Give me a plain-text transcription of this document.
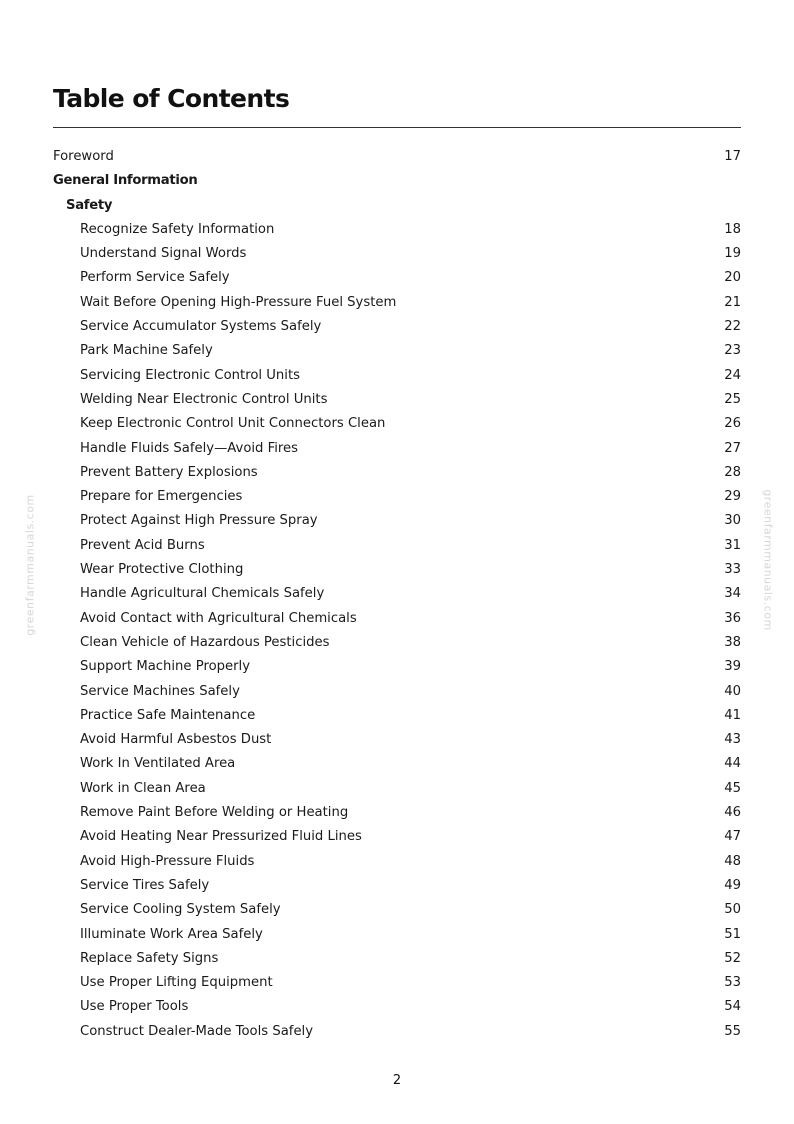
Table of Contents
Foreword	17
General Information
Safety
Recognize Safety Information	18
Understand Signal Words	19
Perform Service Safely	20
Wait Before Opening High-Pressure Fuel System	21
Service Accumulator Systems Safely	22
Park Machine Safely	23
Servicing Electronic Control Units	24
Welding Near Electronic Control Units	25
Keep Electronic Control Unit Connectors Clean	26
Handle Fluids Safely—Avoid Fires	27
Prevent Battery Explosions	28
Prepare for Emergencies	29
Protect Against High Pressure Spray	30
Prevent Acid Burns	31
Wear Protective Clothing	33
Handle Agricultural Chemicals Safely	34
Avoid Contact with Agricultural Chemicals	36
Clean Vehicle of Hazardous Pesticides	38
Support Machine Properly	39
Service Machines Safely	40
Practice Safe Maintenance	41
Avoid Harmful Asbestos Dust	43
Work In Ventilated Area	44
Work in Clean Area	45
Remove Paint Before Welding or Heating	46
Avoid Heating Near Pressurized Fluid Lines	47
Avoid High-Pressure Fluids	48
Service Tires Safely	49
Service Cooling System Safely	50
Illuminate Work Area Safely	51
Replace Safety Signs	52
Use Proper Lifting Equipment	53
Use Proper Tools	54
Construct Dealer-Made Tools Safely	55
2
greenfarmmanuals.com	greenfarmmanuals.com
